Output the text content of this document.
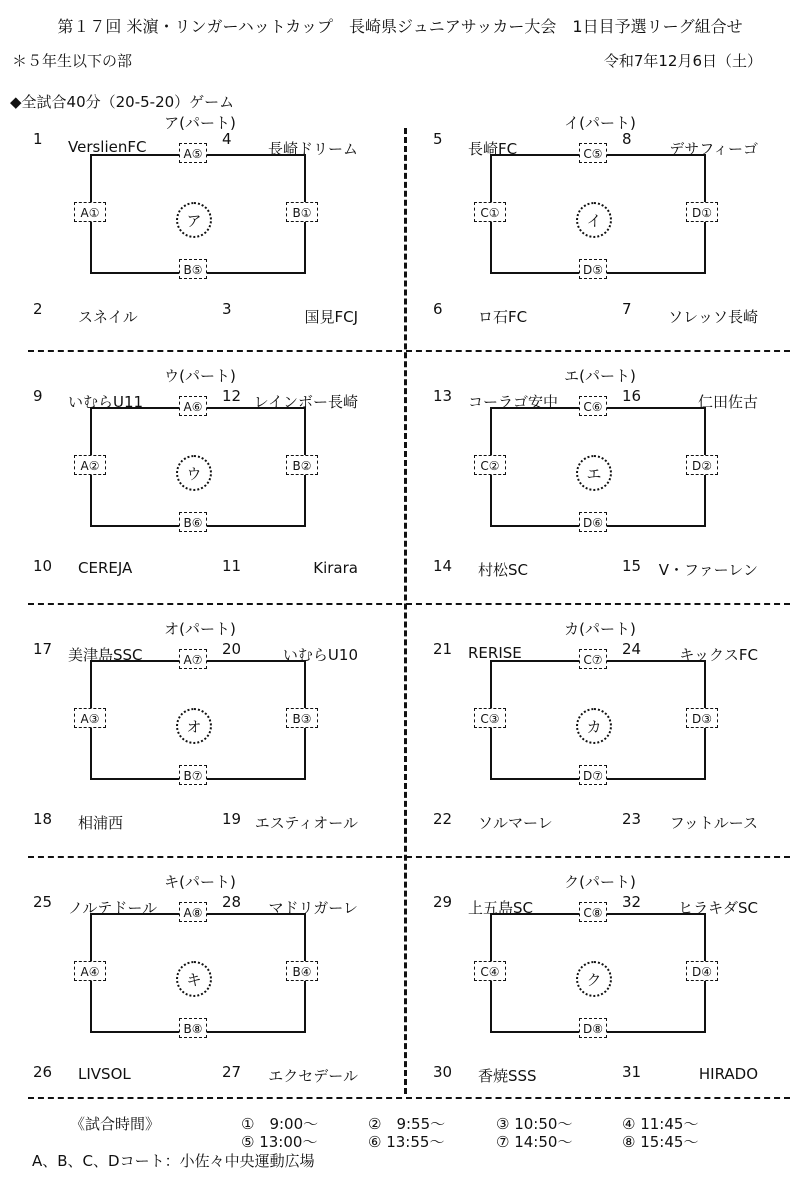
第１７回 米濵・リンガーハットカップ　長崎県ジュニアサッカー大会　1日目予選リーグ組合せ
＊５年生以下の部	令和7年12月6日（土）
◆全試合40分（20-5-20）ゲーム
ア(パート)
ア
A⑤
B⑤
A①	B①
1	4
2	3
VerslienFC	長崎ドリーム
スネイル	国見FCJ
イ(パート)
イ
C⑤
D⑤
C①	D①
5	8
6	7
長崎FC	デサフィーゴ
ロ石FC	ソレッソ長崎
ウ(パート)
ウ
A⑥
B⑥
A②	B②
9	12
10	11
いむらU11	レインボー長崎
CEREJA	Kirara
エ(パート)
エ
C⑥
D⑥
C②	D②
13	16
14	15
コーラゴ安中	仁田佐古
村松SC	V・ファーレン
オ(パート)
オ
A⑦
B⑦
A③	B③
17	20
18	19
美津島SSC	いむらU10
相浦西	エスティオール
カ(パート)
カ
C⑦
D⑦
C③	D③
21	24
22	23
RERISE	キックスFC
ソルマーレ	フットルース
キ(パート)
キ
A⑧
B⑧
A④	B④
25	28
26	27
ノルテドール	マドリガーレ
LIVSOL	エクセデール
ク(パート)
ク
C⑧
D⑧
C④	D④
29	32
30	31
上五島SC	ヒラキダSC
香焼SSS	HIRADO
《試合時間》	①　9:00～	②　9:55～	③ 10:50～	④ 11:45～
⑤ 13:00～	⑥ 13:55～	⑦ 14:50～	⑧ 15:45～
A、B、C、Dコート：小佐々中央運動広場
